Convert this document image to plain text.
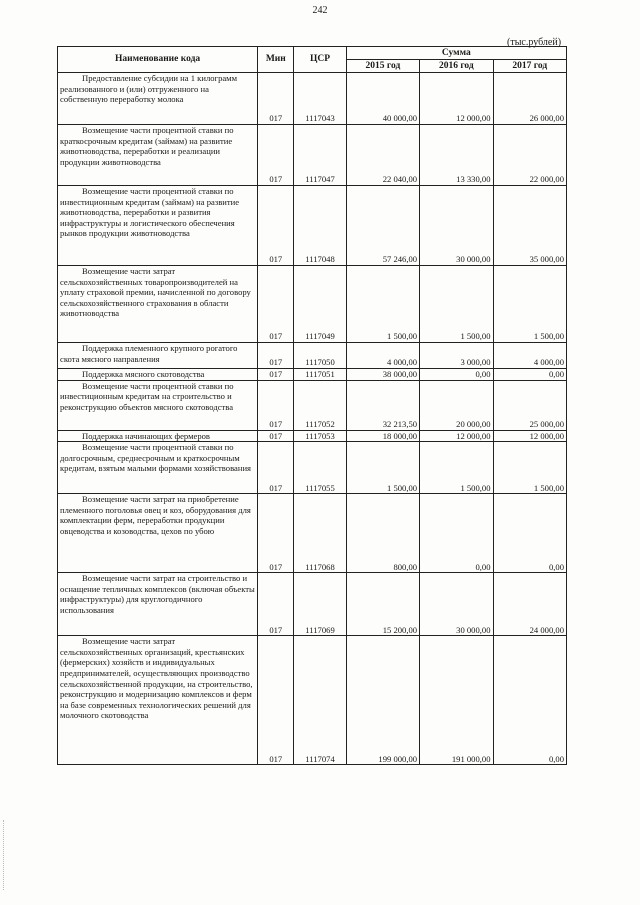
242
(тыс.рублей)
Наименование кода	Мин	ЦСР	Сумма		
			2015 год	2016 год	2017 год
Предоставление субсидии на 1 килограмм реализованного и (или) отгруженного на собственную переработку молока	017	1117043	40 000,00	12 000,00	26 000,00
Возмещение части процентной ставки по краткосрочным кредитам (займам) на развитие животноводства, переработки и реализации продукции животноводства	017	1117047	22 040,00	13 330,00	22 000,00
Возмещение части процентной ставки по инвестиционным кредитам (займам) на развитие животноводства, переработки и развития инфраструктуры и логистического обеспечения рынков продукции животноводства	017	1117048	57 246,00	30 000,00	35 000,00
Возмещение части затрат сельскохозяйственных товаропроизводителей на уплату страховой премии, начисленной по договору сельскохозяйственного страхования в области животноводства	017	1117049	1 500,00	1 500,00	1 500,00
Поддержка племенного крупного рогатого скота мясного направления	017	1117050	4 000,00	3 000,00	4 000,00
Поддержка мясного скотоводства	017	1117051	38 000,00	0,00	0,00
Возмещение части процентной ставки по инвестиционным кредитам на строительство и реконструкцию объектов мясного скотоводства	017	1117052	32 213,50	20 000,00	25 000,00
Поддержка начинающих фермеров	017	1117053	18 000,00	12 000,00	12 000,00
Возмещение части процентной ставки по долгосрочным, среднесрочным и краткосрочным кредитам, взятым малыми формами хозяйствования	017	1117055	1 500,00	1 500,00	1 500,00
Возмещение части затрат на приобретение племенного поголовья овец и коз, оборудования для комплектации ферм, переработки продукции овцеводства и козоводства, цехов по убою	017	1117068	800,00	0,00	0,00
Возмещение части затрат на строительство и оснащение тепличных комплексов (включая объекты инфраструктуры) для круглогодичного использования	017	1117069	15 200,00	30 000,00	24 000,00
Возмещение части затрат сельскохозяйственных организаций, крестьянских (фермерских) хозяйств и индивидуальных предпринимателей, осуществляющих производство сельскохозяйственной продукции, на строительство, реконструкцию и модернизацию комплексов и ферм на базе современных технологических решений для молочного скотоводства	017	1117074	199 000,00	191 000,00	0,00
